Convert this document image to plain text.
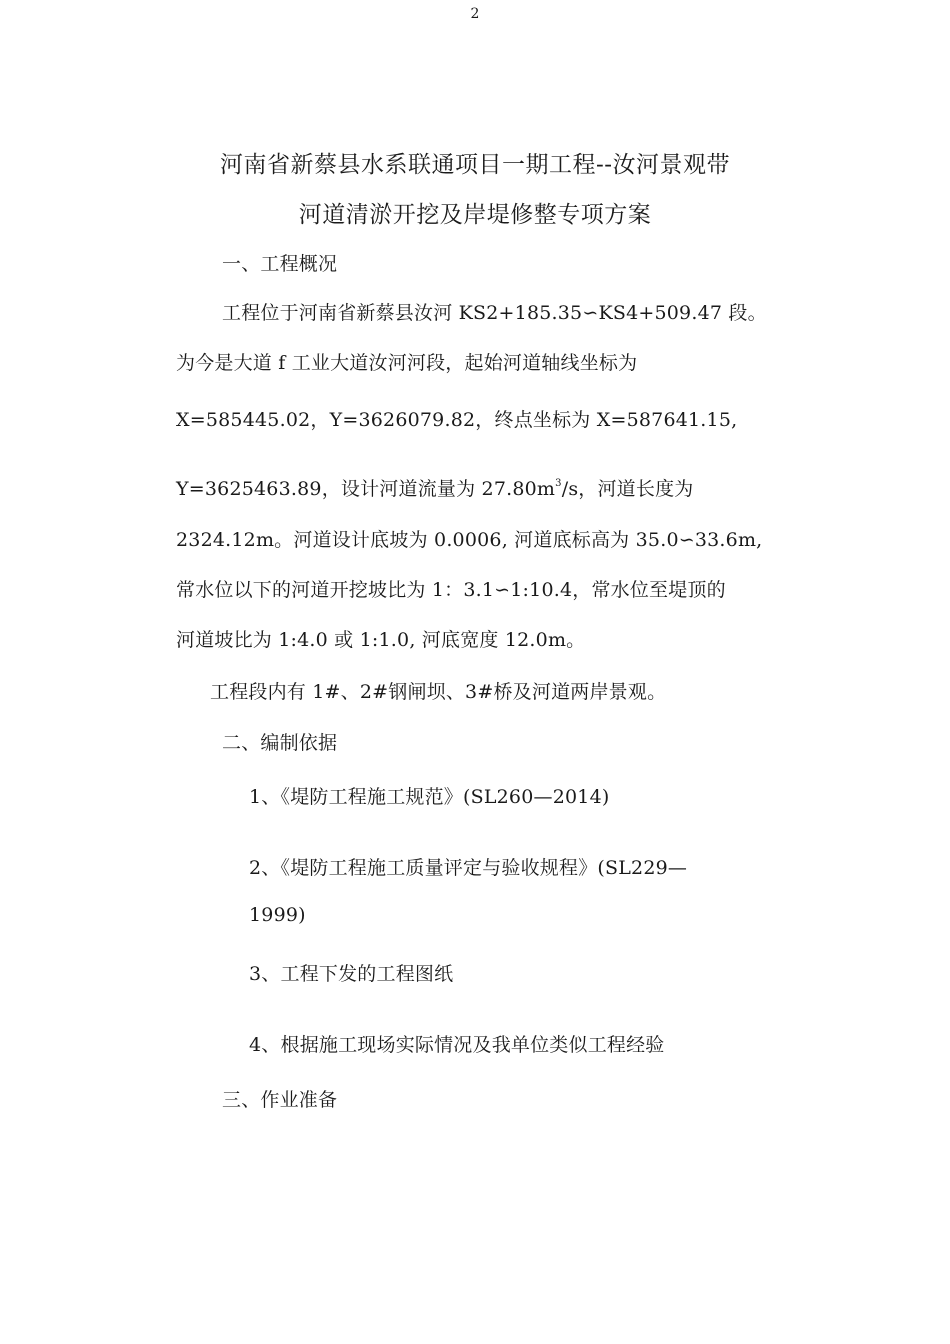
2
河南省新蔡县水系联通项目一期工程--汝河景观带
河道清淤开挖及岸堤修整专项方案
一、工程概况
工程位于河南省新蔡县汝河 KS2+185.35∽KS4+509.47 段。
为今是大道 f 工业大道汝河河段，起始河道轴线坐标为
X=585445.02，Y=3626079.82，终点坐标为 X=587641.15,
Y=3625463.89，设计河道流量为 $27.80m^3/s$，河道长度为
2324.12m。河道设计底坡为 0.0006, 河道底标高为 35.0∽33.6m,
常水位以下的河道开挖坡比为 1：3.1∽1:10.4，常水位至堤顶的
河道坡比为 1:4.0 或 1:1.0, 河底宽度 12.0m。
工程段内有 1#、2#钢闸坝、3#桥及河道两岸景观。
二、编制依据
1、《堤防工程施工规范》(SL260—2014)
2、《堤防工程施工质量评定与验收规程》(SL229—
1999)
3、工程下发的工程图纸
4、根据施工现场实际情况及我单位类似工程经验
三、作业准备
